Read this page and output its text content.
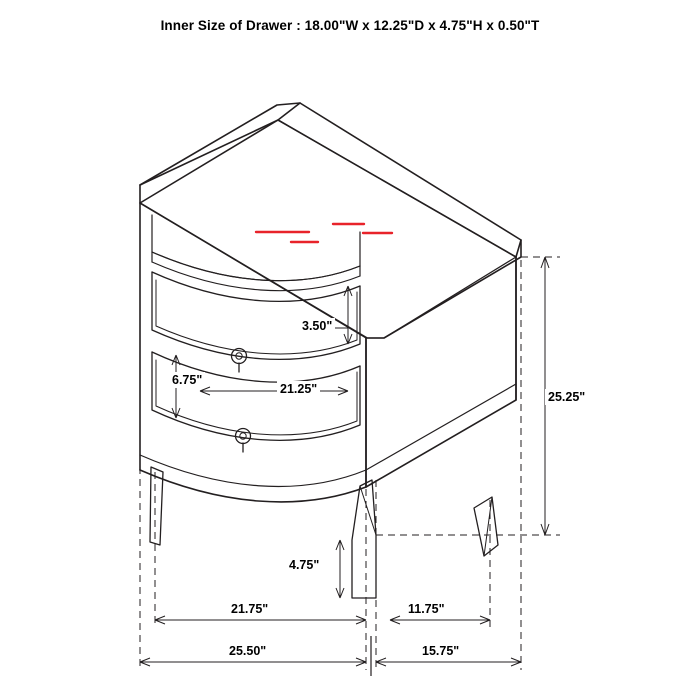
Inner Size of Drawer : 18.00"W x 12.25"D x 4.75"H x 0.50"T
25.25"
3.50"
6.75"
21.25"
4.75"
21.75"	11.75"
25.50"	15.75"
